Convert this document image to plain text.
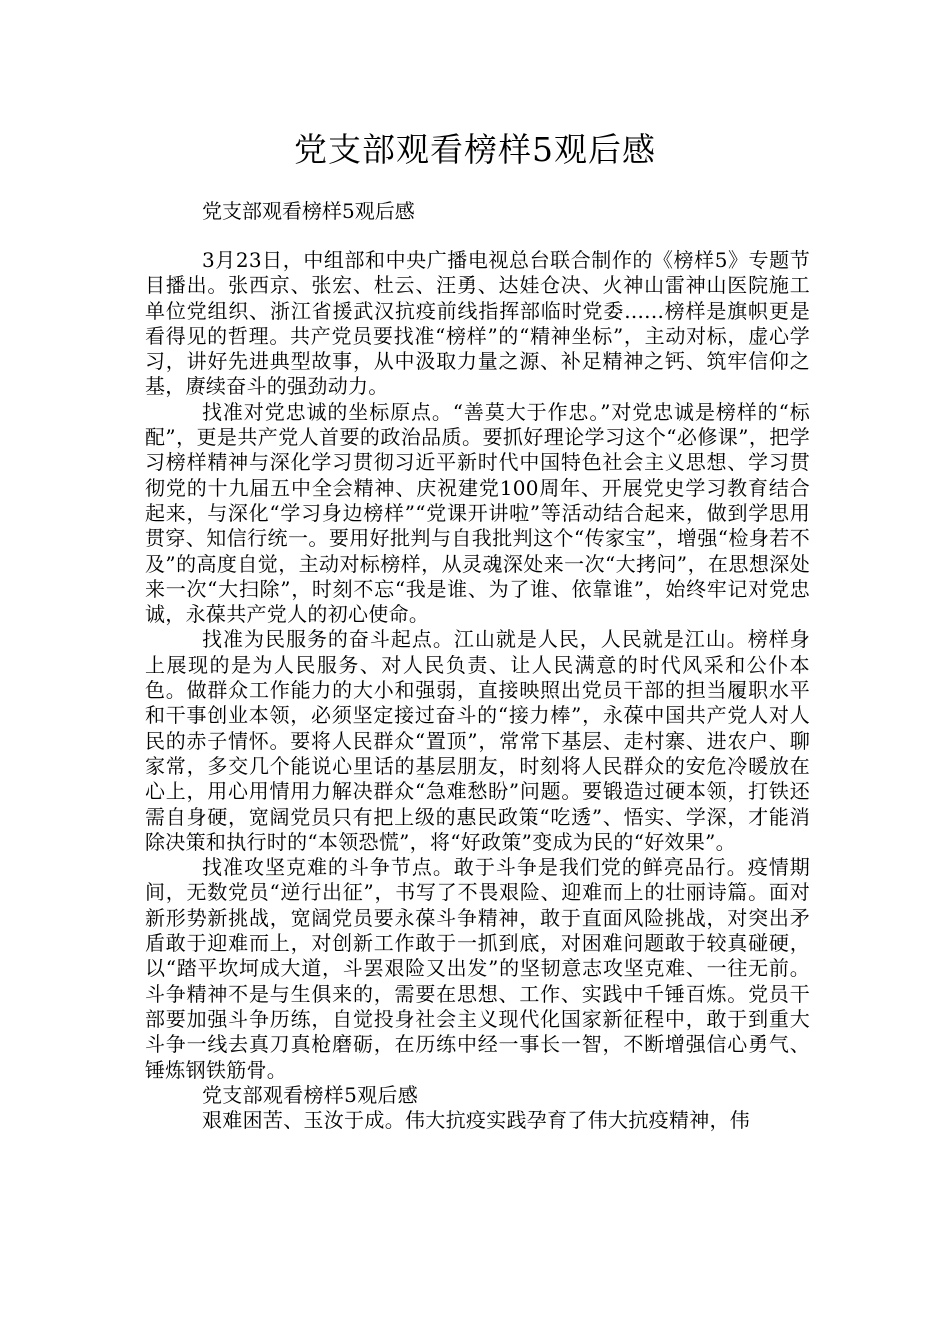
党支部观看榜样5观后感
党支部观看榜样5观后感

3月23日，中组部和中央广播电视总台联合制作的《榜样5》专题节目播出。张西京、张宏、杜云、汪勇、达娃仓决、火神山雷神山医院施工单位党组织、浙江省援武汉抗疫前线指挥部临时党委......榜样是旗帜更是看得见的哲理。共产党员要找准“榜样”的“精神坐标”，主动对标，虚心学习，讲好先进典型故事，从中汲取力量之源、补足精神之钙、筑牢信仰之基，赓续奋斗的强劲动力。

找准对党忠诚的坐标原点。“善莫大于作忠。”对党忠诚是榜样的“标配”，更是共产党人首要的政治品质。要抓好理论学习这个“必修课”，把学习榜样精神与深化学习贯彻习近平新时代中国特色社会主义思想、学习贯彻党的十九届五中全会精神、庆祝建党100周年、开展党史学习教育结合起来，与深化“学习身边榜样”“党课开讲啦”等活动结合起来，做到学思用贯穿、知信行统一。要用好批判与自我批判这个“传家宝”，增强“检身若不及”的高度自觉，主动对标榜样，从灵魂深处来一次“大拷问”，在思想深处来一次“大扫除”，时刻不忘“我是谁、为了谁、依靠谁”，始终牢记对党忠诚，永葆共产党人的初心使命。

找准为民服务的奋斗起点。江山就是人民，人民就是江山。榜样身上展现的是为人民服务、对人民负责、让人民满意的时代风采和公仆本色。做群众工作能力的大小和强弱，直接映照出党员干部的担当履职水平和干事创业本领，必须坚定接过奋斗的“接力棒”，永葆中国共产党人对人民的赤子情怀。要将人民群众“置顶”，常常下基层、走村寨、进农户、聊家常，多交几个能说心里话的基层朋友，时刻将人民群众的安危冷暖放在心上，用心用情用力解决群众“急难愁盼”问题。要锻造过硬本领，打铁还需自身硬，宽阔党员只有把上级的惠民政策“吃透”、悟实、学深，才能消除决策和执行时的“本领恐慌”，将“好政策”变成为民的“好效果”。

找准攻坚克难的斗争节点。敢于斗争是我们党的鲜亮品行。疫情期间，无数党员“逆行出征”，书写了不畏艰险、迎难而上的壮丽诗篇。面对新形势新挑战，宽阔党员要永葆斗争精神，敢于直面风险挑战，对突出矛盾敢于迎难而上，对创新工作敢于一抓到底，对困难问题敢于较真碰硬，以“踏平坎坷成大道，斗罢艰险又出发”的坚韧意志攻坚克难、一往无前。斗争精神不是与生俱来的，需要在思想、工作、实践中千锤百炼。党员干部要加强斗争历练，自觉投身社会主义现代化国家新征程中，敢于到重大斗争一线去真刀真枪磨砺，在历练中经一事长一智，不断增强信心勇气、锤炼钢铁筋骨。

党支部观看榜样5观后感

艰难困苦、玉汝于成。伟大抗疫实践孕育了伟大抗疫精神，伟
